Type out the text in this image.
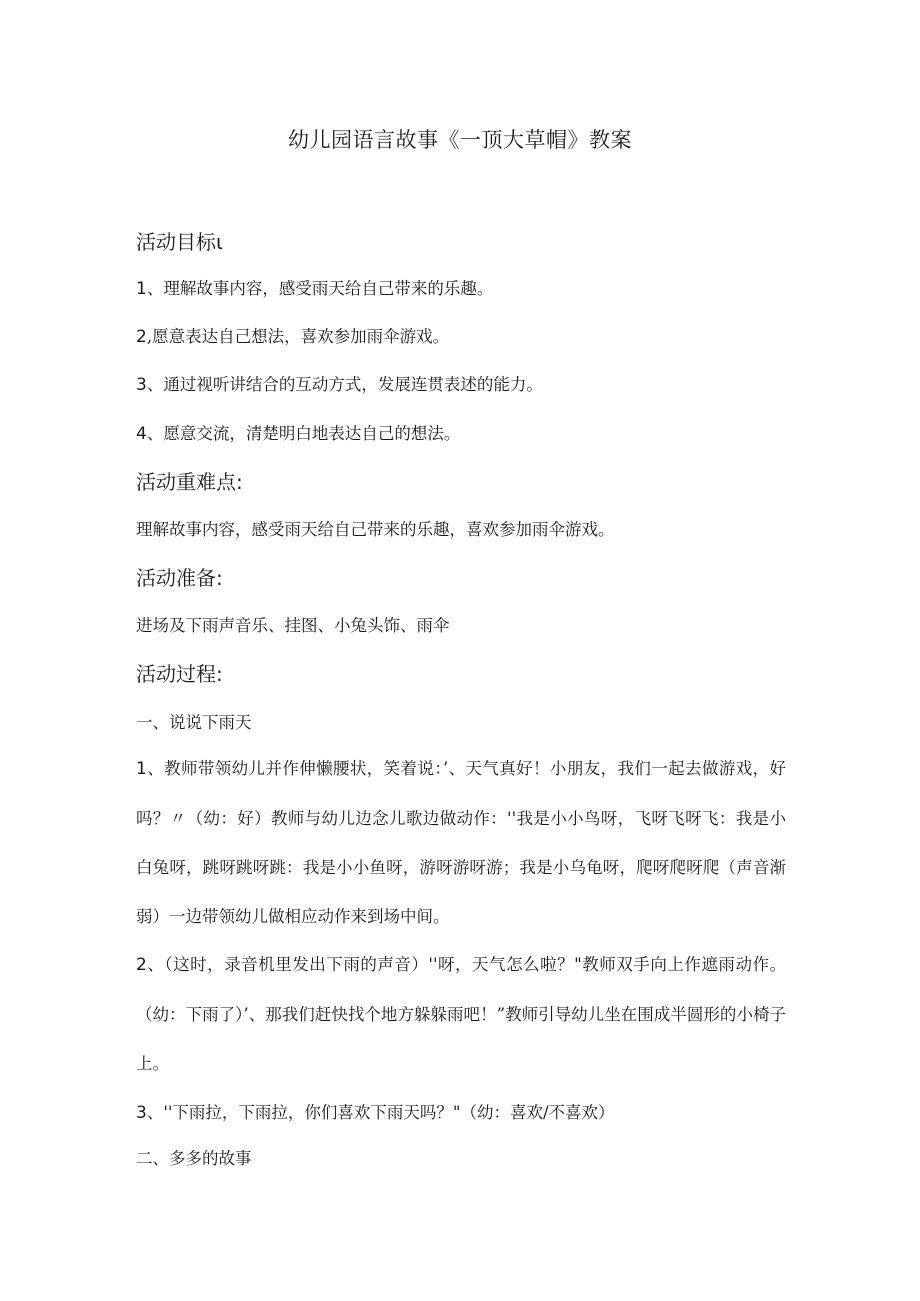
幼儿园语言故事《一顶大草帽》教案
活动目标ι
1、理解故事内容，感受雨天给自己带来的乐趣。
2,愿意表达自己想法，喜欢参加雨伞游戏。
3、通过视听讲结合的互动方式，发展连贯表述的能力。
4、愿意交流，清楚明白地表达自己的想法。
活动重难点:
理解故事内容，感受雨天给自己带来的乐趣，喜欢参加雨伞游戏。
活动准备:
进场及下雨声音乐、挂图、小兔头饰、雨伞
活动过程:
一、说说下雨天
1、教师带领幼儿并作伸懒腰状，笑着说：’、天气真好！小朋友，我们一起去做游戏，好吗？〃（幼：好）教师与幼儿边念儿歌边做动作：''我是小小鸟呀，飞呀飞呀飞：我是小白兔呀，跳呀跳呀跳：我是小小鱼呀，游呀游呀游；我是小乌龟呀，爬呀爬呀爬（声音渐弱）一边带领幼儿做相应动作来到场中间。
2、（这时，录音机里发出下雨的声音）''呀，天气怎么啦？"教师双手向上作遮雨动作。（幼：下雨了）’、那我们赶快找个地方躲躲雨吧！”教师引导幼儿坐在围成半圆形的小椅子上。
3、''下雨拉，下雨拉，你们喜欢下雨天吗？"（幼：喜欢/不喜欢）
二、多多的故事
